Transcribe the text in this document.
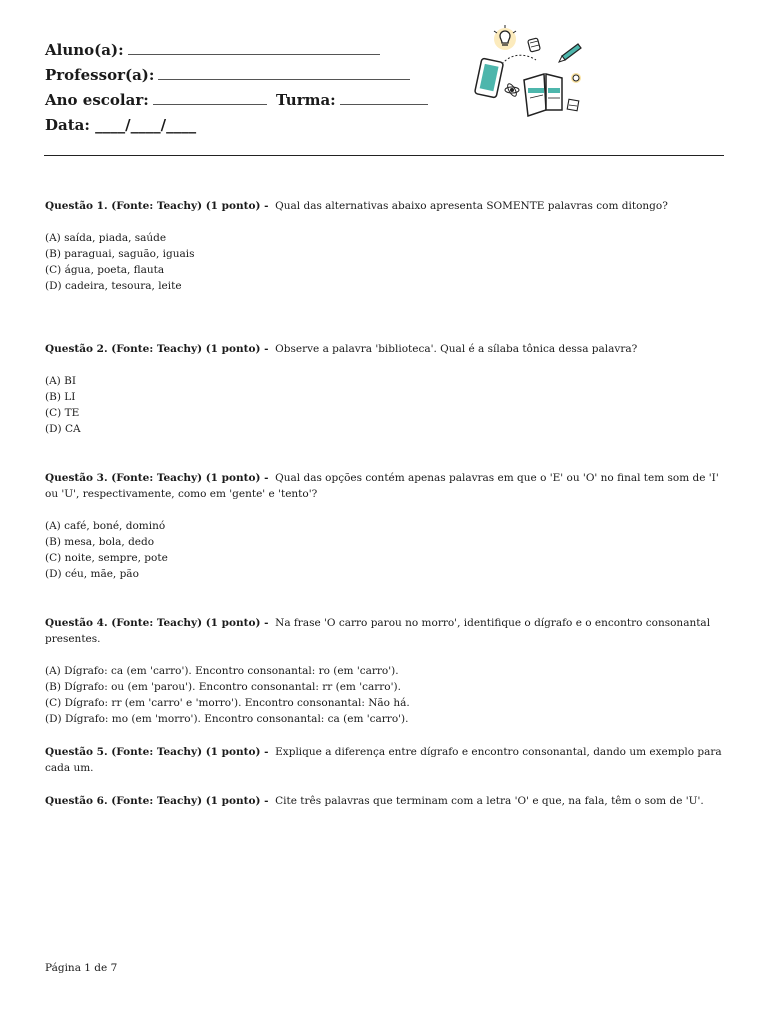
Aluno(a):
Professor(a):
Ano escolar:	Turma:
Data: ____/____/____
Questão 1. (Fonte: Teachy) (1 ponto) - Qual das alternativas abaixo apresenta SOMENTE palavras com ditongo?
(A) saída, piada, saúde
(B) paraguai, saguão, iguais
(C) água, poeta, flauta
(D) cadeira, tesoura, leite
Questão 2. (Fonte: Teachy) (1 ponto) - Observe a palavra 'biblioteca'. Qual é a sílaba tônica dessa palavra?
(A) BI
(B) LI
(C) TE
(D) CA
Questão 3. (Fonte: Teachy) (1 ponto) - Qual das opções contém apenas palavras em que o 'E' ou 'O' no final tem som de 'I' ou 'U', respectivamente, como em 'gente' e 'tento'?
(A) café, boné, dominó
(B) mesa, bola, dedo
(C) noite, sempre, pote
(D) céu, mãe, pão
Questão 4. (Fonte: Teachy) (1 ponto) - Na frase 'O carro parou no morro', identifique o dígrafo e o encontro consonantal presentes.
(A) Dígrafo: ca (em 'carro'). Encontro consonantal: ro (em 'carro').
(B) Dígrafo: ou (em 'parou'). Encontro consonantal: rr (em 'carro').
(C) Dígrafo: rr (em 'carro' e 'morro'). Encontro consonantal: Não há.
(D) Dígrafo: mo (em 'morro'). Encontro consonantal: ca (em 'carro').
Questão 5. (Fonte: Teachy) (1 ponto) - Explique a diferença entre dígrafo e encontro consonantal, dando um exemplo para cada um.
Questão 6. (Fonte: Teachy) (1 ponto) - Cite três palavras que terminam com a letra 'O' e que, na fala, têm o som de 'U'.
Página 1 de 7
